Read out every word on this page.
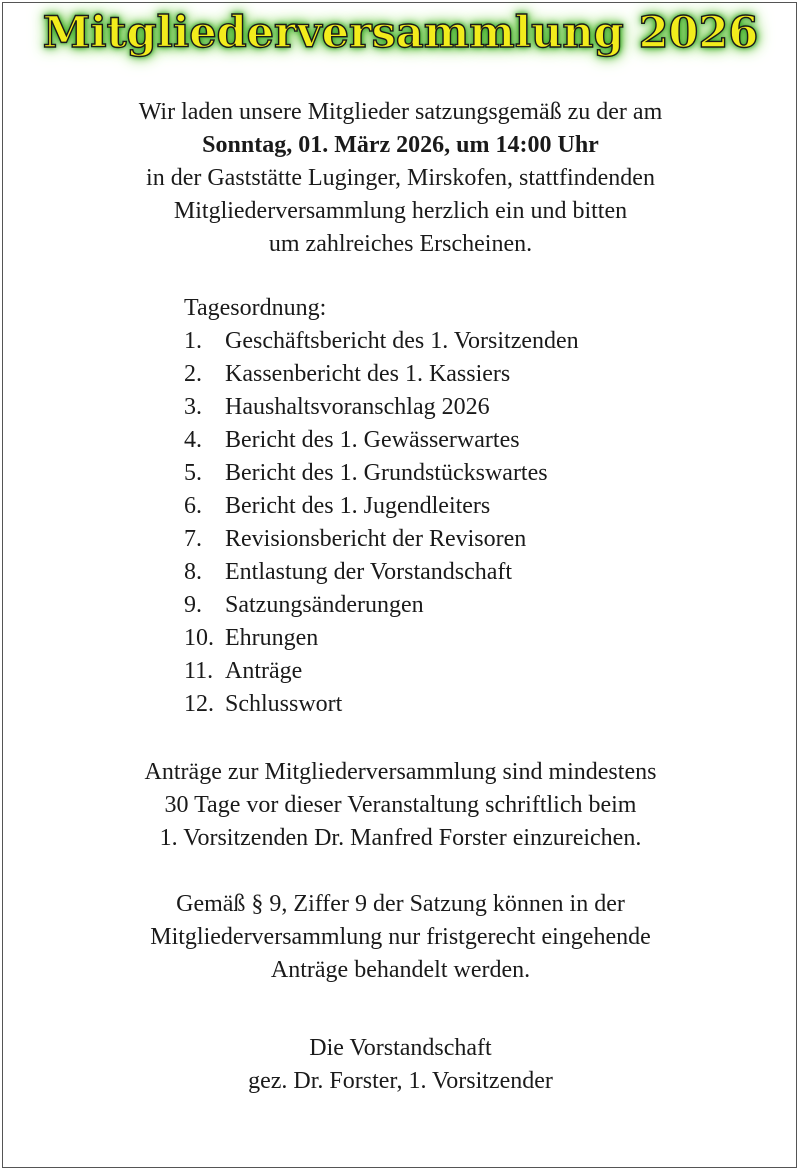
Mitgliederversammlung 2026
Wir laden unsere Mitglieder satzungsgemäß zu der am
Sonntag, 01. März 2026, um 14:00 Uhr
in der Gaststätte Luginger, Mirskofen, stattfindenden
Mitgliederversammlung herzlich ein und bitten
um zahlreiches Erscheinen.
Tagesordnung:
1. Geschäftsbericht des 1. Vorsitzenden
2. Kassenbericht des 1. Kassiers
3. Haushaltsvoranschlag 2026
4. Bericht des 1. Gewässerwartes
5. Bericht des 1. Grundstückswartes
6. Bericht des 1. Jugendleiters
7. Revisionsbericht der Revisoren
8. Entlastung der Vorstandschaft
9. Satzungsänderungen
10. Ehrungen
11. Anträge
12. Schlusswort
Anträge zur Mitgliederversammlung sind mindestens
30 Tage vor dieser Veranstaltung schriftlich beim
1. Vorsitzenden Dr. Manfred Forster einzureichen.
Gemäß § 9, Ziffer 9 der Satzung können in der
Mitgliederversammlung nur fristgerecht eingehende
Anträge behandelt werden.
Die Vorstandschaft
gez. Dr. Forster, 1. Vorsitzender
